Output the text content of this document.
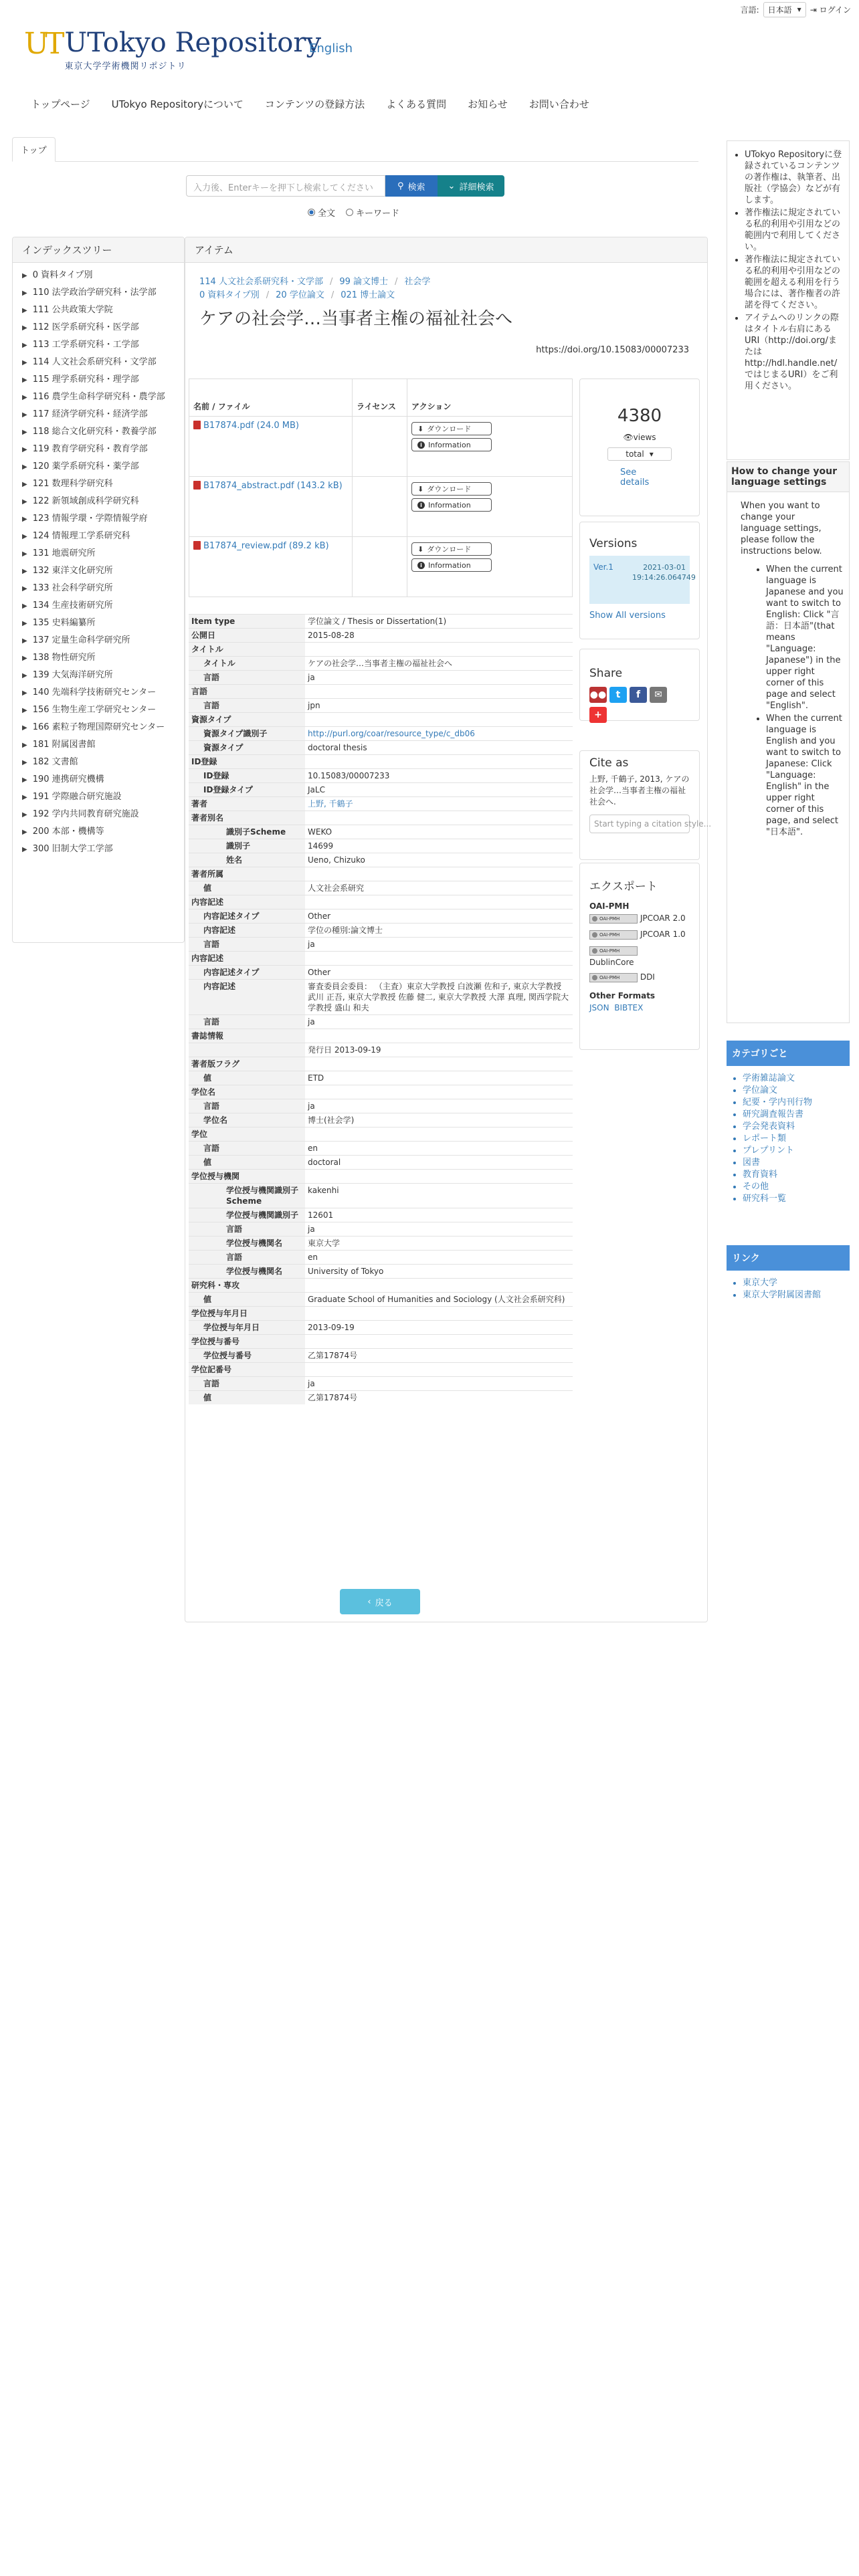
言語: 日本語 ▾ ⇥ ログイン
UT UTokyo Repository
東京大学学術機関リポジトリ
English
トップページ	UTokyo Repositoryについて	コンテンツの登録方法	よくある質問	お知らせ	お問い合わせ
トップ
入力後、Enterキーを押下し検索してください	⚲ 検索	⌄ 詳細検索
全文 キーワード
インデックスツリー
▶ 0 資料タイプ別
▶ 110 法学政治学研究科・法学部
▶ 111 公共政策大学院
▶ 112 医学系研究科・医学部
▶ 113 工学系研究科・工学部
▶ 114 人文社会系研究科・文学部
▶ 115 理学系研究科・理学部
▶ 116 農学生命科学研究科・農学部
▶ 117 経済学研究科・経済学部
▶ 118 総合文化研究科・教養学部
▶ 119 教育学研究科・教育学部
▶ 120 薬学系研究科・薬学部
▶ 121 数理科学研究科
▶ 122 新領域創成科学研究科
▶ 123 情報学環・学際情報学府
▶ 124 情報理工学系研究科
▶ 131 地震研究所
▶ 132 東洋文化研究所
▶ 133 社会科学研究所
▶ 134 生産技術研究所
▶ 135 史料編纂所
▶ 137 定量生命科学研究所
▶ 138 物性研究所
▶ 139 大気海洋研究所
▶ 140 先端科学技術研究センター
▶ 156 生物生産工学研究センター
▶ 166 素粒子物理国際研究センター
▶ 181 附属図書館
▶ 182 文書館
▶ 190 連携研究機構
▶ 191 学際融合研究施設
▶ 192 学内共同教育研究施設
▶ 200 本部・機構等
▶ 300 旧制大学工学部
アイテム
114 人文社会系研究科・文学部 / 99 論文博士 / 社会学
0 資料タイプ別 / 20 学位論文 / 021 博士論文
ケアの社会学…当事者主権の福祉社会へ
https://doi.org/10.15083/00007233
名前 / ファイル	ライセンス	アクション
B17874.pdf (24.0 MB)		⬇ ダウンロード

i Information

B17874_abstract.pdf (143.2 kB)		⬇ ダウンロード

i Information

B17874_review.pdf (89.2 kB)		⬇ ダウンロード

i Information
Item type	学位論文 / Thesis or Dissertation(1)
公開日	2015-08-28
タイトル	
タイトル	ケアの社会学…当事者主権の福祉社会へ
言語	ja
言語	
言語	jpn
資源タイプ	
資源タイプ識別子	http://purl.org/coar/resource_type/c_db06
資源タイプ	doctoral thesis
ID登録	
ID登録	10.15083/00007233
ID登録タイプ	JaLC
著者	上野, 千鶴子
著者別名	
識別子Scheme	WEKO
識別子	14699
姓名	Ueno, Chizuko
著者所属	
値	人文社会系研究
内容記述	
内容記述タイプ	Other
内容記述	学位の種別:論文博士
言語	ja
内容記述	
内容記述タイプ	Other
内容記述	審査委員会委員： （主査）東京大学教授 白波瀬 佐和子, 東京大学教授 武川 正吾, 東京大学教授 佐藤 健二, 東京大学教授 大澤 真理, 関西学院大学教授 盛山 和夫
言語	ja
書誌情報	
	発行日 2013-09-19
著者版フラグ	
値	ETD
学位名	
言語	ja
学位名	博士(社会学)
学位	
言語	en
値	doctoral
学位授与機関	
学位授与機関識別子Scheme	kakenhi
学位授与機関識別子	12601
言語	ja
学位授与機関名	東京大学
言語	en
学位授与機関名	University of Tokyo
研究科・専攻	
値	Graduate School of Humanities and Sociology (人文社会系研究科)
学位授与年月日	
学位授与年月日	2013-09-19
学位授与番号	
学位授与番号	乙第17874号
学位記番号	
言語	ja
値	乙第17874号
‹ 戻る
4380
👁views
total ▾
See details
Versions
Ver.1	2021-03-01 19:14:26.064749
Show All versions
Share
●● t f ✉
+
Cite as
上野, 千鶴子, 2013, ケアの社会学…当事者主権の福祉社会へ.
Start typing a citation style...
エクスポート
OAI-PMH
OAI-PMH	JPCOAR 2.0
OAI-PMH	JPCOAR 1.0
OAI-PMH
DublinCore
OAI-PMH	DDI
Other Formats
JSON BIBTEX
• UTokyo Repositoryに登録されているコンテンツの著作権は、執筆者、出版社（学協会）などが有します。
• 著作権法に規定されている私的利用や引用などの範囲内で利用してください。
• 著作権法に規定されている私的利用や引用などの範囲を超える利用を行う場合には、著作権者の許諾を得てください。
• アイテムへのリンクの際はタイトル右肩にあるURI（http://doi.org/または http://hdl.handle.net/ではじまるURI）をご利用ください。
How to change your language settings
When you want to change your language settings, please follow the instructions below.
• When the current language is Japanese and you want to switch to English: Click "言語：日本語"(that means "Language: Japanese") in the upper right corner of this page and select "English".
• When the current language is English and you want to switch to Japanese: Click "Language: English" in the upper right corner of this page, and select "日本語".
カテゴリごと
• 学術雑誌論文
• 学位論文
• 紀要・学内刊行物
• 研究調査報告書
• 学会発表資料
• レポート類
• プレプリント
• 図書
• 教育資料
• その他
• 研究科一覧
リンク
• 東京大学
• 東京大学附属図書館
